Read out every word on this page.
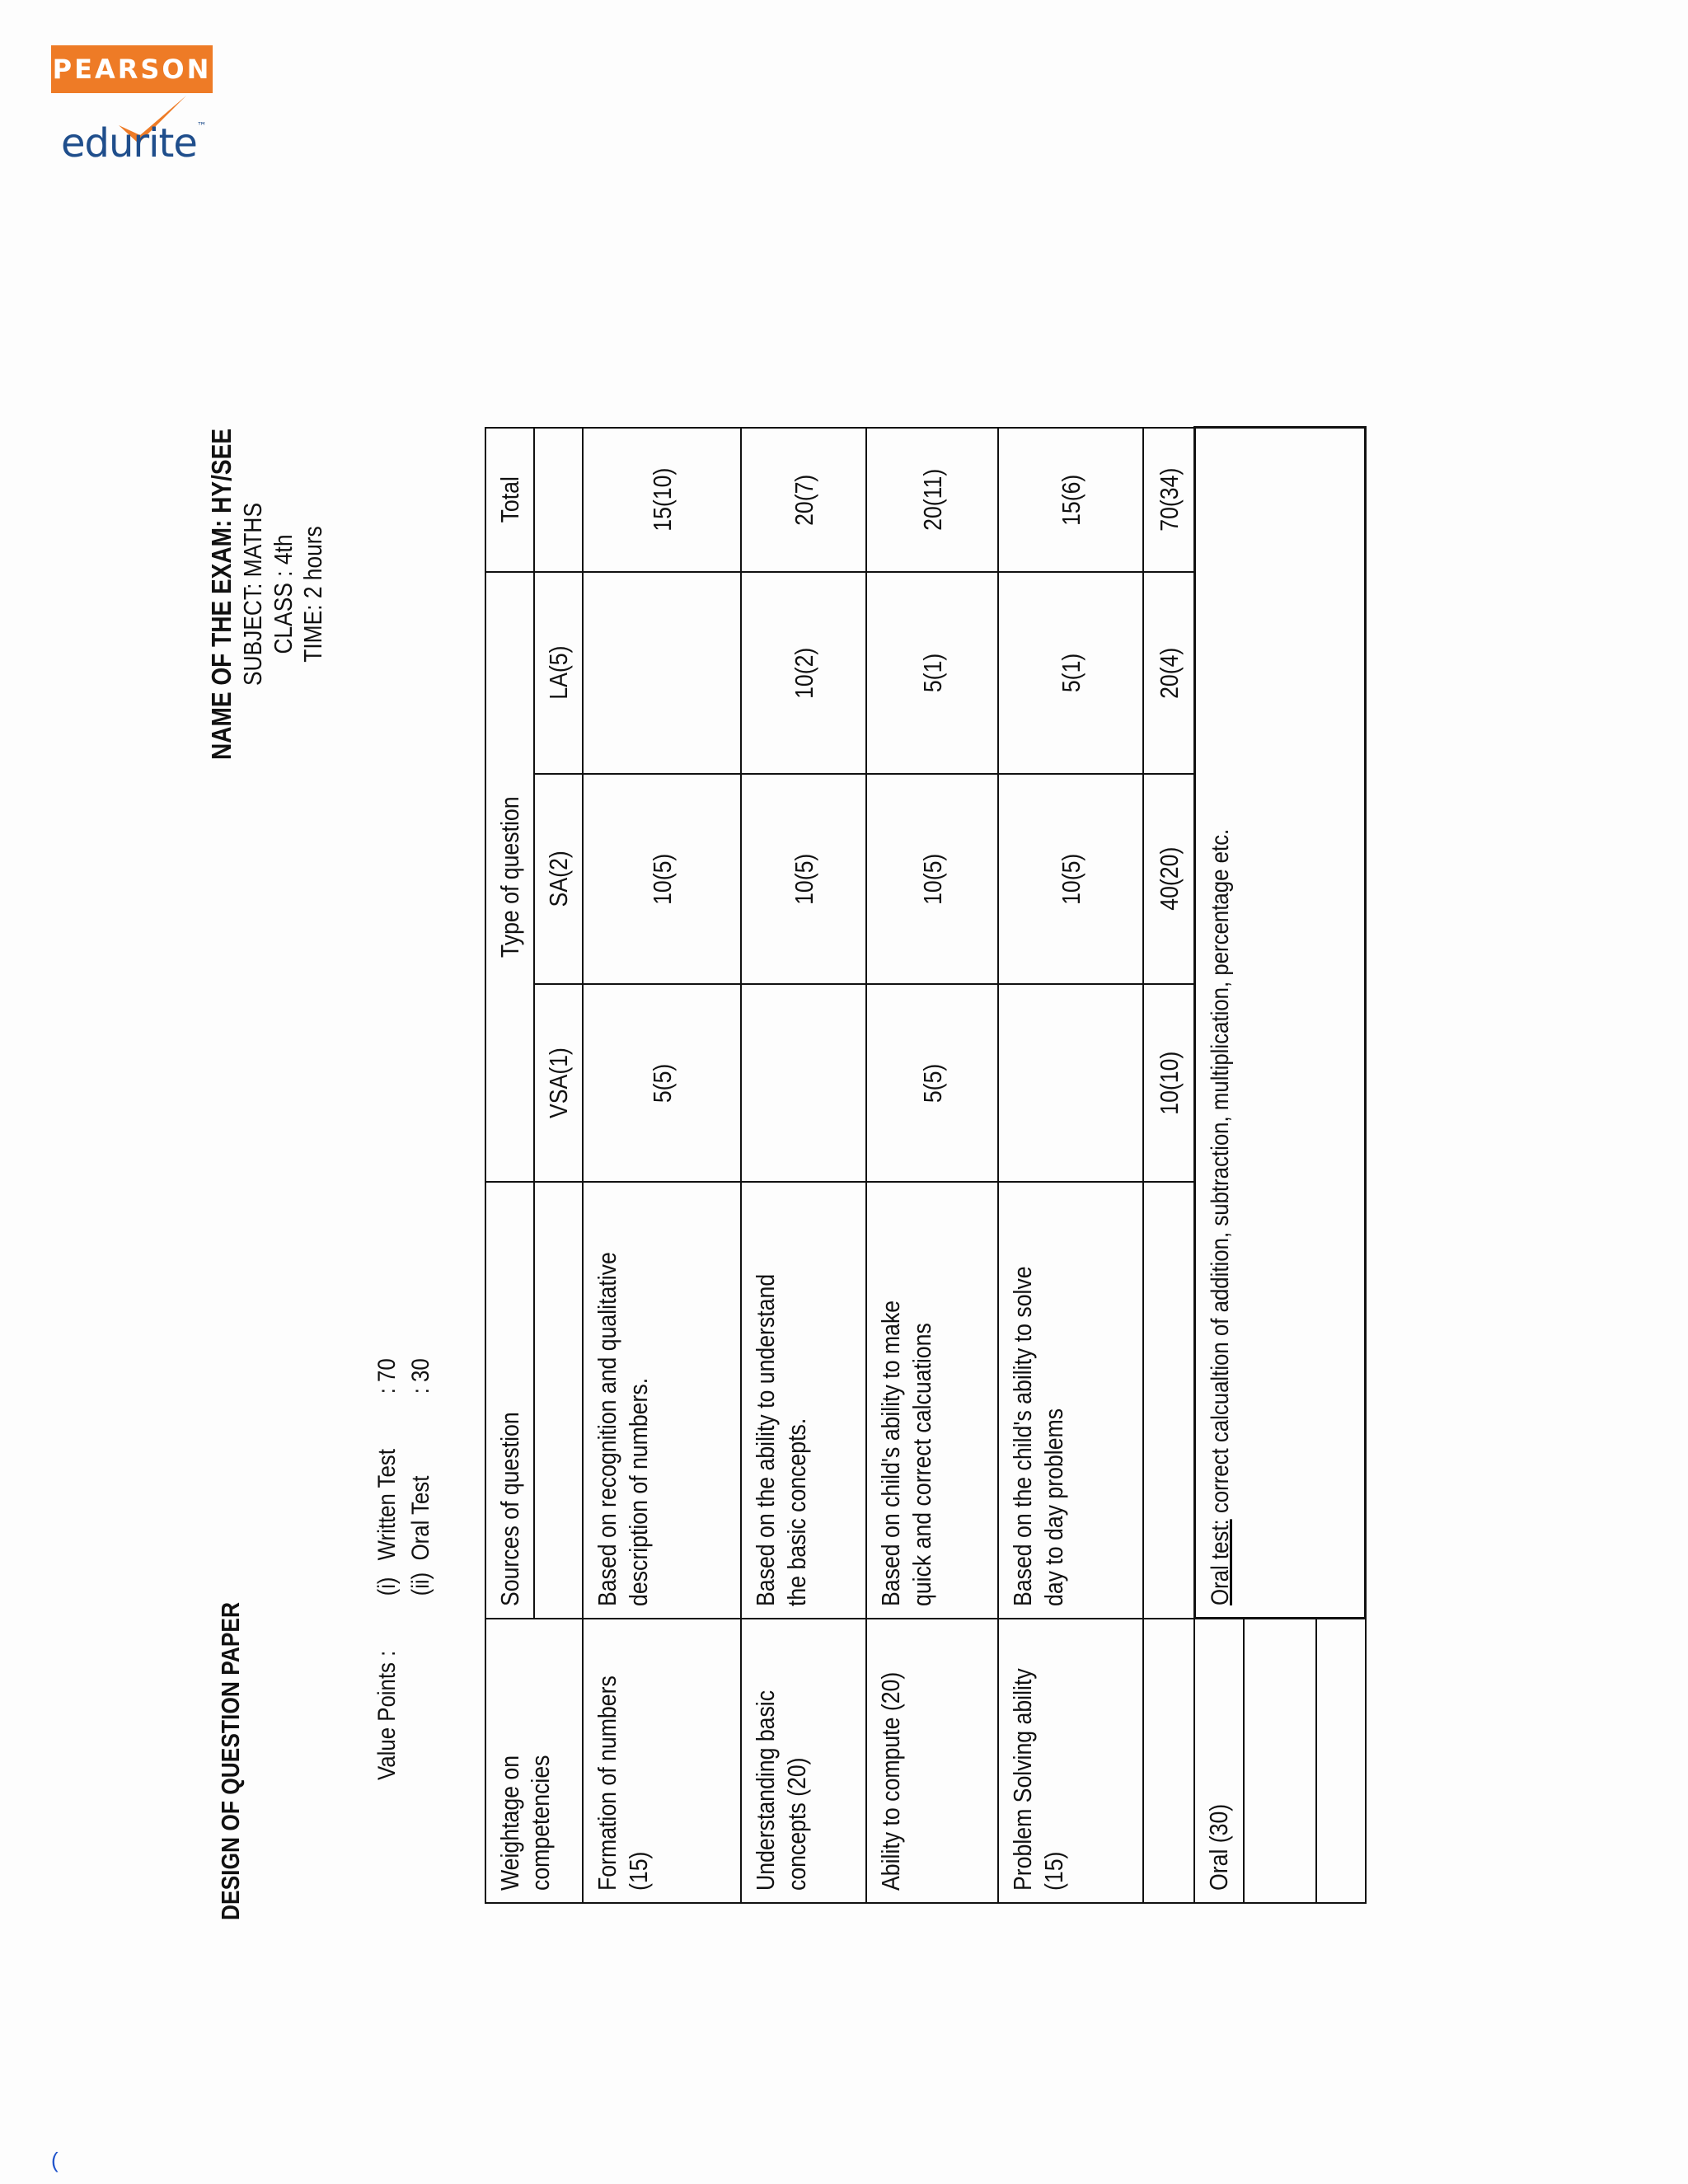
PEARSON
edurite™
DESIGN OF QUESTION PAPER
NAME OF THE EXAM: HY/SEE SUBJECT: MATHS CLASS : 4th TIME: 2 hours
Value Points :
(i)
Written Test
: 70
(ii)
Oral Test
: 30
Weightage on competencies	Sources of question	Type of question			Total
		VSA(1)	SA(2)	LA(5)	
Formation of numbers (15)	Based on recognition and qualitative description of numbers.	5(5)	10(5)		15(10)
Understanding basic concepts (20)	Based on the ability to understand the basic concepts.		10(5)	10(2)	20(7)
Ability to compute (20)	Based on child's ability to make quick and correct calcuations	5(5)	10(5)	5(1)	20(11)
Problem Solving ability (15)	Based on the child's ability to solve day to day problems		10(5)	5(1)	15(6)
		10(10)	40(20)	20(4)	70(34)
Oral (30)	Oral test: correct calcualtion of addition, subtraction, multiplication, percentage etc.				

(
